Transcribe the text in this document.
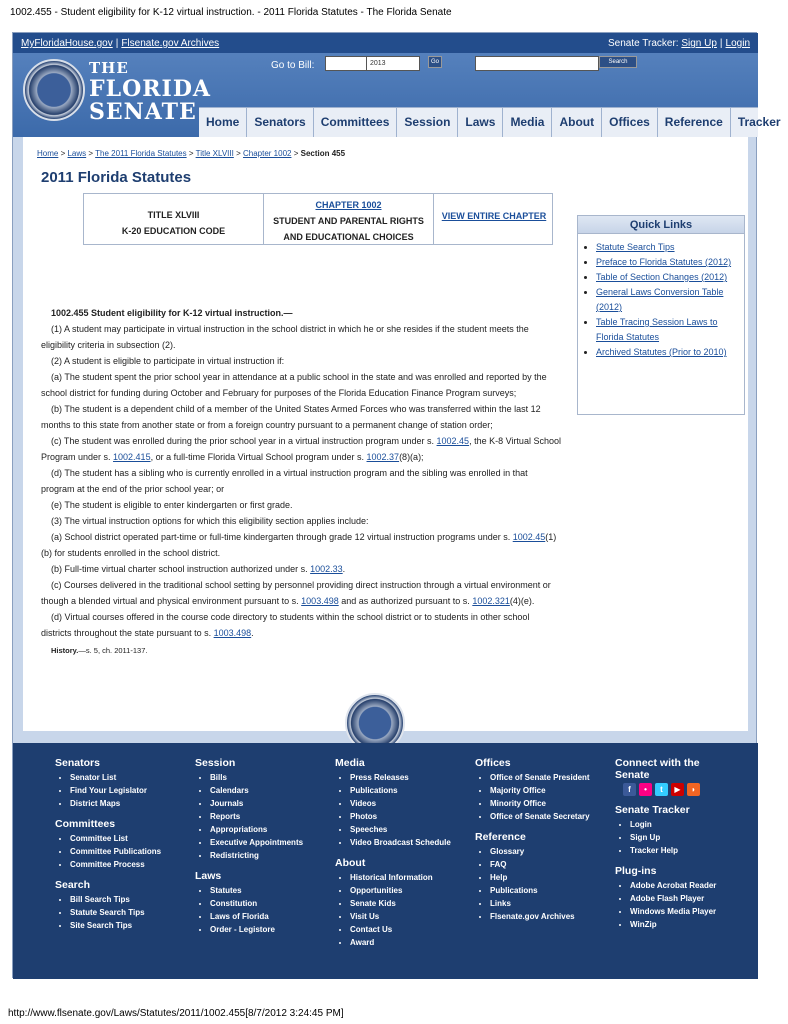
1002.455 - Student eligibility for K-12 virtual instruction. - 2011 Florida Statutes - The Florida Senate
MyFloridaHouse.gov | Flsenate.gov Archives	Senate Tracker: Sign Up | Login
THE
FLORIDA
SENATE
Go to Bill:	2013	Go	Search
Home	Senators	Committees	Session	Laws	Media	About	Offices	Reference	Tracker
Home > Laws > The 2011 Florida Statutes > Title XLVIII > Chapter 1002 > Section 455
2011 Florida Statutes
TITLE XLVIII
K-20 EDUCATION CODE
CHAPTER 1002
STUDENT AND PARENTAL RIGHTS
AND EDUCATIONAL CHOICES
VIEW ENTIRE CHAPTER

1002.455 Student eligibility for K-12 virtual instruction.—

(1) A student may participate in virtual instruction in the school district in which he or she resides if the student meets the eligibility criteria in subsection (2).

(2) A student is eligible to participate in virtual instruction if:

(a) The student spent the prior school year in attendance at a public school in the state and was enrolled and reported by the school district for funding during October and February for purposes of the Florida Education Finance Program surveys;

(b) The student is a dependent child of a member of the United States Armed Forces who was transferred within the last 12 months to this state from another state or from a foreign country pursuant to a permanent change of station order;

(c) The student was enrolled during the prior school year in a virtual instruction program under s. 1002.45, the K-8 Virtual School Program under s. 1002.415, or a full-time Florida Virtual School program under s. 1002.37(8)(a);

(d) The student has a sibling who is currently enrolled in a virtual instruction program and the sibling was enrolled in that program at the end of the prior school year; or

(e) The student is eligible to enter kindergarten or first grade.

(3) The virtual instruction options for which this eligibility section applies include:

(a) School district operated part-time or full-time kindergarten through grade 12 virtual instruction programs under s. 1002.45(1)(b) for students enrolled in the school district.

(b) Full-time virtual charter school instruction authorized under s. 1002.33.

(c) Courses delivered in the traditional school setting by personnel providing direct instruction through a virtual environment or though a blended virtual and physical environment pursuant to s. 1003.498 and as authorized pursuant to s. 1002.321(4)(e).

(d) Virtual courses offered in the course code directory to students within the school district or to students in other school districts throughout the state pursuant to s. 1003.498.

History.—s. 5, ch. 2011-137.

Quick Links
• Statute Search Tips
• Preface to Florida Statutes (2012)
• Table of Section Changes (2012)
• General Laws Conversion Table (2012)
• Table Tracing Session Laws to Florida Statutes
• Archived Statutes (Prior to 2010)
Senators
• Senator List
• Find Your Legislator
• District Maps
Committees
• Committee List
• Committee Publications
• Committee Process
Search
• Bill Search Tips
• Statute Search Tips
• Site Search Tips
Session
• Bills
• Calendars
• Journals
• Reports
• Appropriations
• Executive Appointments
• Redistricting
Laws
• Statutes
• Constitution
• Laws of Florida
• Order - Legistore
Media
• Press Releases
• Publications
• Videos
• Photos
• Speeches
• Video Broadcast Schedule
About
• Historical Information
• Opportunities
• Senate Kids
• Visit Us
• Contact Us
• Award
Offices
• Office of Senate President
• Majority Office
• Minority Office
• Office of Senate Secretary
Reference
• Glossary
• FAQ
• Help
• Publications
• Links
• Flsenate.gov Archives
Connect with the Senate
f	•	t	▶	◗
Senate Tracker
• Login
• Sign Up
• Tracker Help
Plug-ins
• Adobe Acrobat Reader
• Adobe Flash Player
• Windows Media Player
• WinZip
http://www.flsenate.gov/Laws/Statutes/2011/1002.455[8/7/2012 3:24:45 PM]
